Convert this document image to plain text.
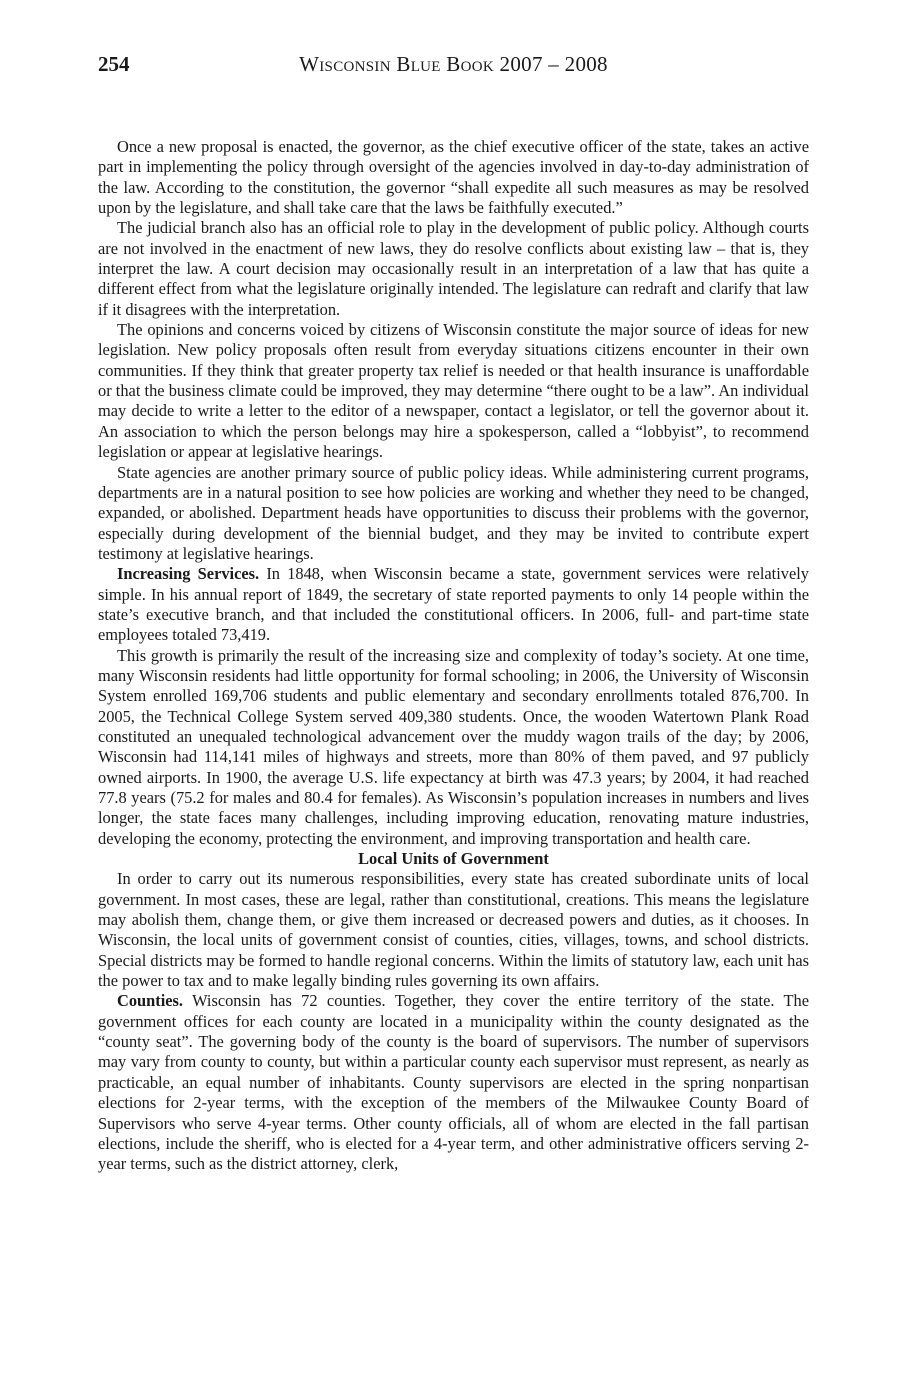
254	Wisconsin Blue Book 2007 – 2008

Once a new proposal is enacted, the governor, as the chief executive officer of the state, takes an active part in implementing the policy through oversight of the agencies involved in day-to-day administration of the law. According to the constitution, the governor “shall expedite all such measures as may be resolved upon by the legislature, and shall take care that the laws be faithfully executed.”

The judicial branch also has an official role to play in the development of public policy. Although courts are not involved in the enactment of new laws, they do resolve conflicts about existing law – that is, they interpret the law. A court decision may occasionally result in an interpretation of a law that has quite a different effect from what the legislature originally intended. The legislature can redraft and clarify that law if it disagrees with the interpretation.

The opinions and concerns voiced by citizens of Wisconsin constitute the major source of ideas for new legislation. New policy proposals often result from everyday situations citizens encounter in their own communities. If they think that greater property tax relief is needed or that health insurance is unaffordable or that the business climate could be improved, they may determine “there ought to be a law”. An individual may decide to write a letter to the editor of a newspaper, contact a legislator, or tell the governor about it. An association to which the person belongs may hire a spokesperson, called a “lobbyist”, to recommend legislation or appear at legislative hearings.

State agencies are another primary source of public policy ideas. While administering current programs, departments are in a natural position to see how policies are working and whether they need to be changed, expanded, or abolished. Department heads have opportunities to discuss their problems with the governor, especially during development of the biennial budget, and they may be invited to contribute expert testimony at legislative hearings.

Increasing Services. In 1848, when Wisconsin became a state, government services were relatively simple. In his annual report of 1849, the secretary of state reported payments to only 14 people within the state’s executive branch, and that included the constitutional officers. In 2006, full- and part-time state employees totaled 73,419.

This growth is primarily the result of the increasing size and complexity of today’s society. At one time, many Wisconsin residents had little opportunity for formal schooling; in 2006, the University of Wisconsin System enrolled 169,706 students and public elementary and secondary enrollments totaled 876,700. In 2005, the Technical College System served 409,380 students. Once, the wooden Watertown Plank Road constituted an unequaled technological advancement over the muddy wagon trails of the day; by 2006, Wisconsin had 114,141 miles of highways and streets, more than 80% of them paved, and 97 publicly owned airports. In 1900, the average U.S. life expectancy at birth was 47.3 years; by 2004, it had reached 77.8 years (75.2 for males and 80.4 for females). As Wisconsin’s population increases in numbers and lives longer, the state faces many challenges, including improving education, renovating mature industries, developing the economy, protecting the environment, and improving transportation and health care.

Local Units of Government

In order to carry out its numerous responsibilities, every state has created subordinate units of local government. In most cases, these are legal, rather than constitutional, creations. This means the legislature may abolish them, change them, or give them increased or decreased powers and duties, as it chooses. In Wisconsin, the local units of government consist of counties, cities, villages, towns, and school districts. Special districts may be formed to handle regional concerns. Within the limits of statutory law, each unit has the power to tax and to make legally binding rules governing its own affairs.

Counties. Wisconsin has 72 counties. Together, they cover the entire territory of the state. The government offices for each county are located in a municipality within the county designated as the “county seat”. The governing body of the county is the board of supervisors. The number of supervisors may vary from county to county, but within a particular county each supervisor must represent, as nearly as practicable, an equal number of inhabitants. County supervisors are elected in the spring nonpartisan elections for 2-year terms, with the exception of the members of the Milwaukee County Board of Supervisors who serve 4-year terms. Other county officials, all of whom are elected in the fall partisan elections, include the sheriff, who is elected for a 4-year term, and other administrative officers serving 2-year terms, such as the district attorney, clerk,
